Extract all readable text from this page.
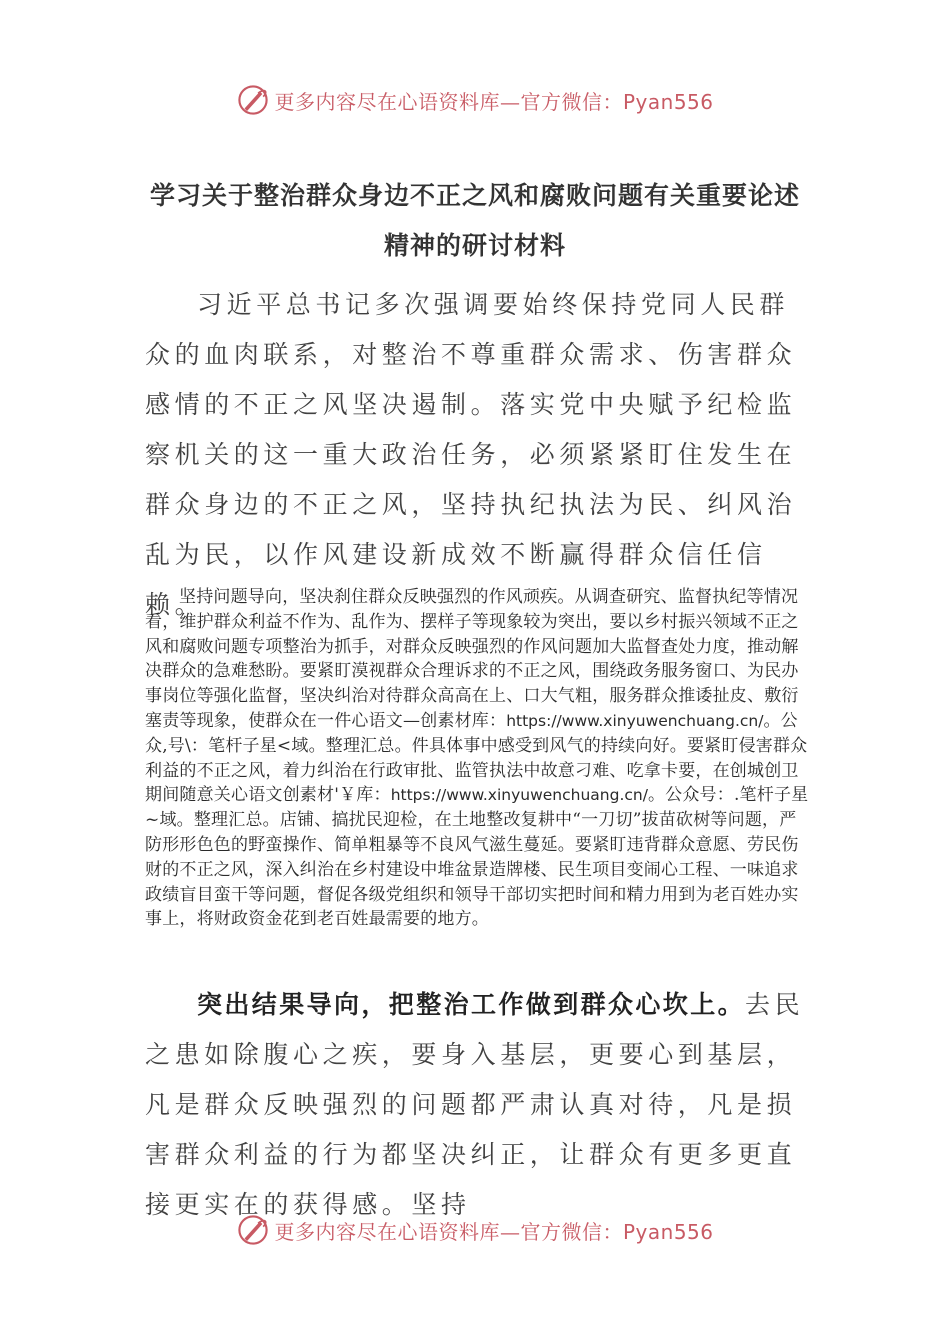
更多内容尽在心语资料库—官方微信：Pyan556
学习关于整治群众身边不正之风和腐败问题有关重要论述
精神的研讨材料
习近平总书记多次强调要始终保持党同人民群众的血肉联系，对整治不尊重群众需求、伤害群众感情的不正之风坚决遏制。落实党中央赋予纪检监察机关的这一重大政治任务，必须紧紧盯住发生在群众身边的不正之风，坚持执纪执法为民、纠风治乱为民，以作风建设新成效不断赢得群众信任信赖。
坚持问题导向，坚决刹住群众反映强烈的作风顽疾。从调查研究、监督执纪等情况看，维护群众利益不作为、乱作为、摆样子等现象较为突出，要以乡村振兴领域不正之风和腐败问题专项整治为抓手，对群众反映强烈的作风问题加大监督查处力度，推动解决群众的急难愁盼。要紧盯漠视群众合理诉求的不正之风，围绕政务服务窗口、为民办事岗位等强化监督，坚决纠治对待群众高高在上、口大气粗，服务群众推诿扯皮、敷衍塞责等现象，使群众在一件心语文—创素材库：https://www.xinyuwenchuang.cn/。公众,号\：笔杆子星<域。整理汇总。件具体事中感受到风气的持续向好。要紧盯侵害群众利益的不正之风，着力纠治在行政审批、监管执法中故意刁难、吃拿卡要，在创城创卫期间随意关心语文创素材'￥库：https://www.xinyuwenchuang.cn/。公众号：.笔杆子星~域。整理汇总。店铺、搞扰民迎检，在土地整改复耕中“一刀切”拔苗砍树等问题，严防形形色色的野蛮操作、简单粗暴等不良风气滋生蔓延。要紧盯违背群众意愿、劳民伤财的不正之风，深入纠治在乡村建设中堆盆景造牌楼、民生项目变闹心工程、一味追求政绩盲目蛮干等问题，督促各级党组织和领导干部切实把时间和精力用到为老百姓办实事上，将财政资金花到老百姓最需要的地方。
突出结果导向，把整治工作做到群众心坎上。去民之患如除腹心之疾，要身入基层，更要心到基层，凡是群众反映强烈的问题都严肃认真对待，凡是损害群众利益的行为都坚决纠正，让群众有更多更直接更实在的获得感。坚持
更多内容尽在心语资料库—官方微信：Pyan556
